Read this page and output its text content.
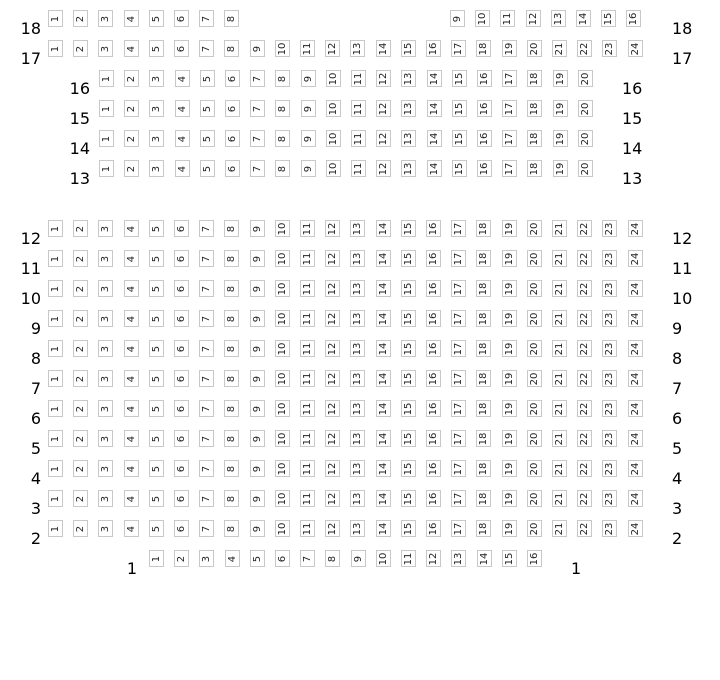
18	18
1 2 3 4 5 6 7 8	9 10 11 12 13 14 15 16
17	17
1 2 3 4 5 6 7 8 9 10 11 12 13 14 15 16 17 18 19 20 21 22 23 24
16	16
1 2 3 4 5 6 7 8 9 10 11 12 13 14 15 16 17 18 19 20
15	15
1 2 3 4 5 6 7 8 9 10 11 12 13 14 15 16 17 18 19 20
14	14
1 2 3 4 5 6 7 8 9 10 11 12 13 14 15 16 17 18 19 20
13	13
1 2 3 4 5 6 7 8 9 10 11 12 13 14 15 16 17 18 19 20
12	12
1 2 3 4 5 6 7 8 9 10 11 12 13 14 15 16 17 18 19 20 21 22 23 24
11	11
1 2 3 4 5 6 7 8 9 10 11 12 13 14 15 16 17 18 19 20 21 22 23 24
10	10
1 2 3 4 5 6 7 8 9 10 11 12 13 14 15 16 17 18 19 20 21 22 23 24
9	9
1 2 3 4 5 6 7 8 9 10 11 12 13 14 15 16 17 18 19 20 21 22 23 24
8	8
1 2 3 4 5 6 7 8 9 10 11 12 13 14 15 16 17 18 19 20 21 22 23 24
7	7
1 2 3 4 5 6 7 8 9 10 11 12 13 14 15 16 17 18 19 20 21 22 23 24
6	6
1 2 3 4 5 6 7 8 9 10 11 12 13 14 15 16 17 18 19 20 21 22 23 24
5	5
1 2 3 4 5 6 7 8 9 10 11 12 13 14 15 16 17 18 19 20 21 22 23 24
4	4
1 2 3 4 5 6 7 8 9 10 11 12 13 14 15 16 17 18 19 20 21 22 23 24
3	3
1 2 3 4 5 6 7 8 9 10 11 12 13 14 15 16 17 18 19 20 21 22 23 24
2	2
1 2 3 4 5 6 7 8 9 10 11 12 13 14 15 16 17 18 19 20 21 22 23 24
1	1
1 2 3 4 5 6 7 8 9 10 11 12 13 14 15 16
